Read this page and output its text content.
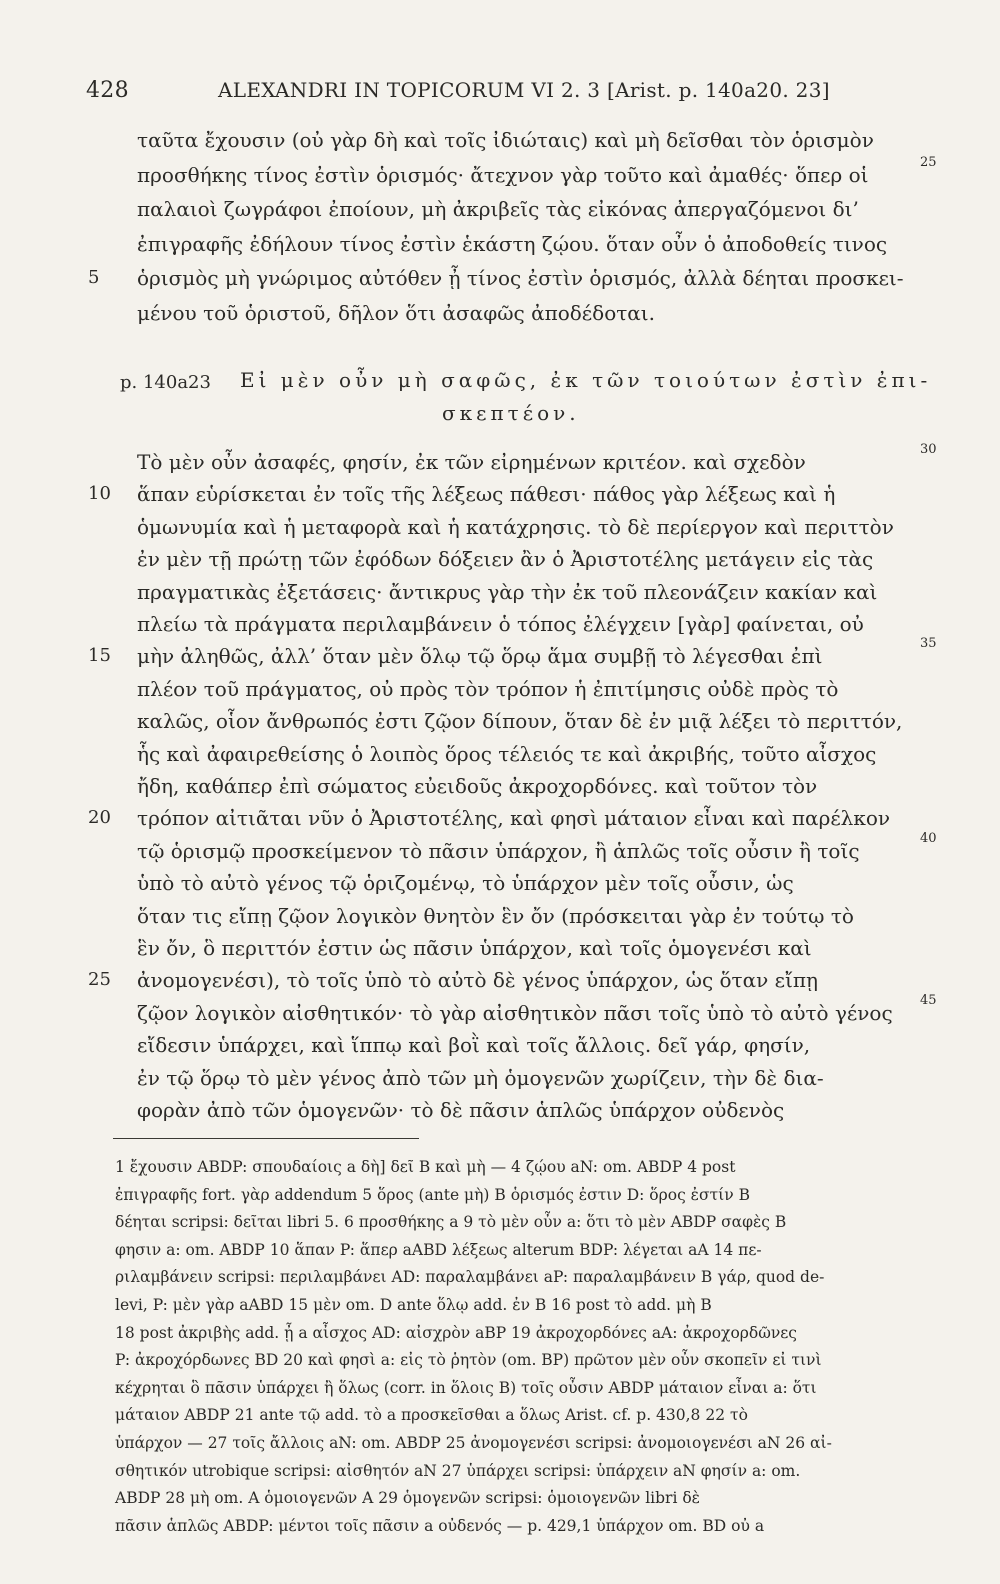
428	ALEXANDRI IN TOPICORUM VI 2. 3 [Arist. p. 140a20. 23]
ταῦτα ἔχουσιν (οὐ γὰρ δὴ καὶ τοῖς ἰδιώταις) καὶ μὴ δεῖσθαι τὸν ὁρισμὸν
προσθήκης τίνος ἐστὶν ὁρισμός· ἄτεχνον γὰρ τοῦτο καὶ ἀμαθές· ὅπερ οἱ
25
παλαιοὶ ζωγράφοι ἐποίουν, μὴ ἀκριβεῖς τὰς εἰκόνας ἀπεργαζόμενοι δι’
ἐπιγραφῆς ἐδήλουν τίνος ἐστὶν ἑκάστη ζῴου. ὅταν οὖν ὁ ἀποδοθείς τινος
ὁρισμὸς μὴ γνώριμος αὐτόθεν ᾖ τίνος ἐστὶν ὁρισμός, ἀλλὰ δέηται προσκει-
5
μένου τοῦ ὁριστοῦ, δῆλον ὅτι ἀσαφῶς ἀποδέδοται.
p. 140a23 Εἰ μὲν οὖν μὴ σαφῶς, ἐκ τῶν τοιούτων ἐστὶν ἐπι-
σκεπτέον.
Τὸ μὲν οὖν ἀσαφές, φησίν, ἐκ τῶν εἰρημένων κριτέον. καὶ σχεδὸν
30
ἅπαν εὑρίσκεται ἐν τοῖς τῆς λέξεως πάθεσι· πάθος γὰρ λέξεως καὶ ἡ
10
ὁμωνυμία καὶ ἡ μεταφορὰ καὶ ἡ κατάχρησις. τὸ δὲ περίεργον καὶ περιττὸν
ἐν μὲν τῇ πρώτῃ τῶν ἐφόδων δόξειεν ἂν ὁ Ἀριστοτέλης μετάγειν εἰς τὰς
πραγματικὰς ἐξετάσεις· ἄντικρυς γὰρ τὴν ἐκ τοῦ πλεονάζειν κακίαν καὶ
πλείω τὰ πράγματα περιλαμβάνειν ὁ τόπος ἐλέγχειν [γὰρ] φαίνεται, οὐ
μὴν ἀληθῶς, ἀλλ’ ὅταν μὲν ὅλῳ τῷ ὅρῳ ἅμα συμβῇ τὸ λέγεσθαι ἐπὶ
15
35
πλέον τοῦ πράγματος, οὐ πρὸς τὸν τρόπον ἡ ἐπιτίμησις οὐδὲ πρὸς τὸ
καλῶς, οἷον ἄνθρωπός ἐστι ζῷον δίπουν, ὅταν δὲ ἐν μιᾷ λέξει τὸ περιττόν,
ἧς καὶ ἀφαιρεθείσης ὁ λοιπὸς ὅρος τέλειός τε καὶ ἀκριβής, τοῦτο αἶσχος
ἤδη, καθάπερ ἐπὶ σώματος εὐειδοῦς ἀκροχορδόνες. καὶ τοῦτον τὸν
τρόπον αἰτιᾶται νῦν ὁ Ἀριστοτέλης, καὶ φησὶ μάταιον εἶναι καὶ παρέλκον
20
τῷ ὁρισμῷ προσκείμενον τὸ πᾶσιν ὑπάρχον, ἢ ἁπλῶς τοῖς οὖσιν ἢ τοῖς
40
ὑπὸ τὸ αὐτὸ γένος τῷ ὁριζομένῳ, τὸ ὑπάρχον μὲν τοῖς οὖσιν, ὡς
ὅταν τις εἴπῃ ζῷον λογικὸν θνητὸν ἓν ὄν (πρόσκειται γὰρ ἐν τούτῳ τὸ
ἓν ὄν, ὃ περιττόν ἐστιν ὡς πᾶσιν ὑπάρχον, καὶ τοῖς ὁμογενέσι καὶ
ἀνομογενέσι), τὸ τοῖς ὑπὸ τὸ αὐτὸ δὲ γένος ὑπάρχον, ὡς ὅταν εἴπῃ
25
ζῷον λογικὸν αἰσθητικόν· τὸ γὰρ αἰσθητικὸν πᾶσι τοῖς ὑπὸ τὸ αὐτὸ γένος
45
εἴδεσιν ὑπάρχει, καὶ ἵππῳ καὶ βοῒ καὶ τοῖς ἄλλοις. δεῖ γάρ, φησίν,
ἐν τῷ ὅρῳ τὸ μὲν γένος ἀπὸ τῶν μὴ ὁμογενῶν χωρίζειν, τὴν δὲ δια-
φορὰν ἀπὸ τῶν ὁμογενῶν· τὸ δὲ πᾶσιν ἁπλῶς ὑπάρχον οὐδενὸς
1 ἔχουσιν ABDP: σπουδαίοις a δὴ] δεῖ B καὶ μὴ — 4 ζῴου aN: om. ABDP 4 post
ἐπιγραφῆς fort. γὰρ addendum 5 ὅρος (ante μὴ) B ὁρισμός ἐστιν D: ὅρος ἐστίν B
δέηται scripsi: δεῖται libri 5. 6 προσθήκης a 9 τὸ μὲν οὖν a: ὅτι τὸ μὲν ABDP σαφὲς B
φησιν a: om. ABDP 10 ἅπαν P: ἅπερ aABD λέξεως alterum BDP: λέγεται aA 14 πε-
ριλαμβάνειν scripsi: περιλαμβάνει AD: παραλαμβάνει aP: παραλαμβάνειν B γάρ, quod de-
levi, P: μὲν γὰρ aABD 15 μὲν om. D ante ὅλῳ add. ἐν B 16 post τὸ add. μὴ B
18 post ἀκριβὴς add. ᾖ a αἶσχος AD: αἰσχρὸν aBP 19 ἀκροχορδόνες aA: ἀκροχορδῶνες
P: ἀκροχόρδωνες BD 20 καὶ φησὶ a: εἰς τὸ ῥητὸν (om. BP) πρῶτον μὲν οὖν σκοπεῖν εἰ τινὶ
κέχρηται ὃ πᾶσιν ὑπάρχει ἢ ὅλως (corr. in ὅλοις B) τοῖς οὖσιν ABDP μάταιον εἶναι a: ὅτι
μάταιον ABDP 21 ante τῷ add. τὸ a προσκεῖσθαι a ὅλως Arist. cf. p. 430,8 22 τὸ
ὑπάρχον — 27 τοῖς ἄλλοις aN: om. ABDP 25 ἀνομογενέσι scripsi: ἀνομοιογενέσι aN 26 αἰ-
σθητικόν utrobique scripsi: αἰσθητόν aN 27 ὑπάρχει scripsi: ὑπάρχειν aN φησίν a: om.
ABDP 28 μὴ om. A ὁμοιογενῶν A 29 ὁμογενῶν scripsi: ὁμοιογενῶν libri δὲ
πᾶσιν ἁπλῶς ABDP: μέντοι τοῖς πᾶσιν a οὐδενός — p. 429,1 ὑπάρχον om. BD οὐ a
